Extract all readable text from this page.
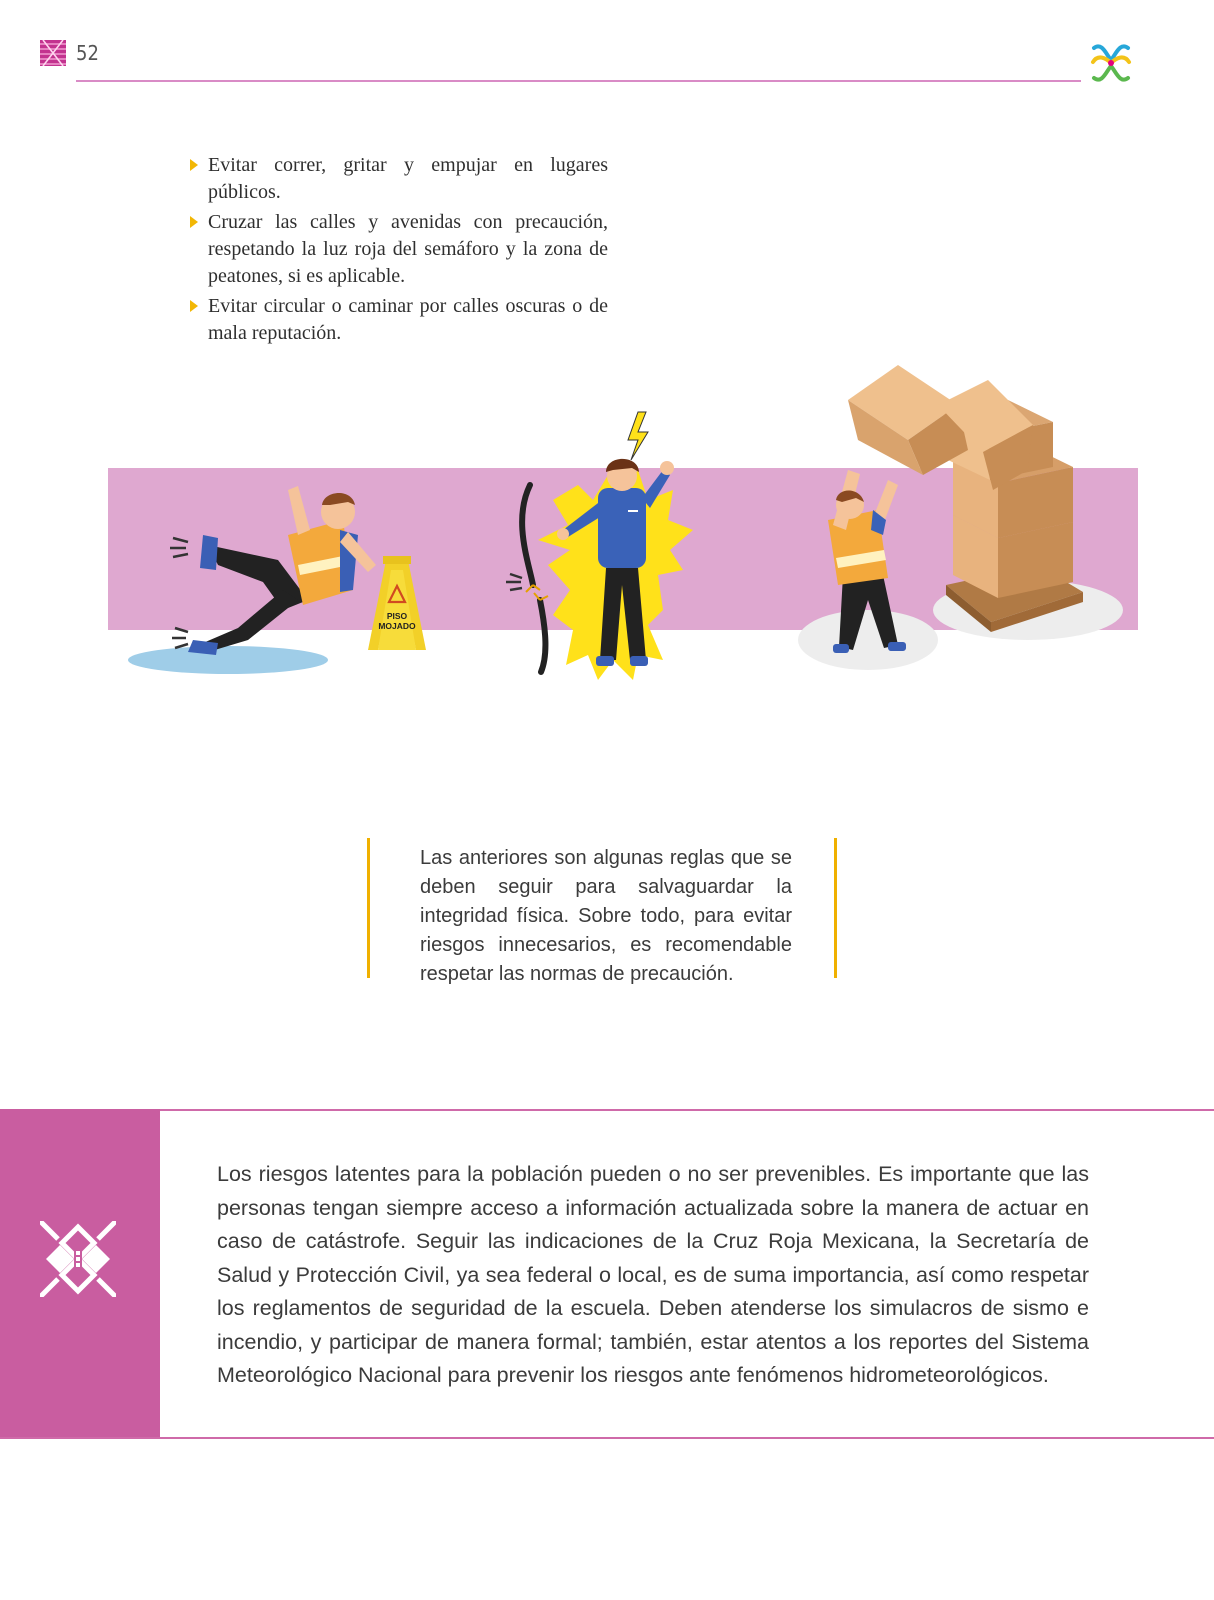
52
Evitar correr, gritar y empujar en lugares públicos.
Cruzar las calles y avenidas con precaución, respetando la luz roja del semáforo y la zona de peatones, si es aplicable.
Evitar circular o caminar por calles oscuras o de mala reputación.
PISO
MOJADO
Las anteriores son algunas reglas que se deben seguir para salvaguardar la integridad física. Sobre todo, para evitar riesgos innecesarios, es recomendable respetar las normas de precaución.
Los riesgos latentes para la población pueden o no ser prevenibles. Es importante que las personas tengan siempre acceso a información actualizada sobre la manera de actuar en caso de catástrofe. Seguir las indicaciones de la Cruz Roja Mexicana, la Secretaría de Salud y Protección Civil, ya sea federal o local, es de suma importancia, así como respetar los reglamentos de seguridad de la escuela. Deben atenderse los simulacros de sismo e incendio, y participar de manera formal; también, estar atentos a los reportes del Sistema Meteorológico Nacional para prevenir los riesgos ante fenómenos hidrometeorológicos.
